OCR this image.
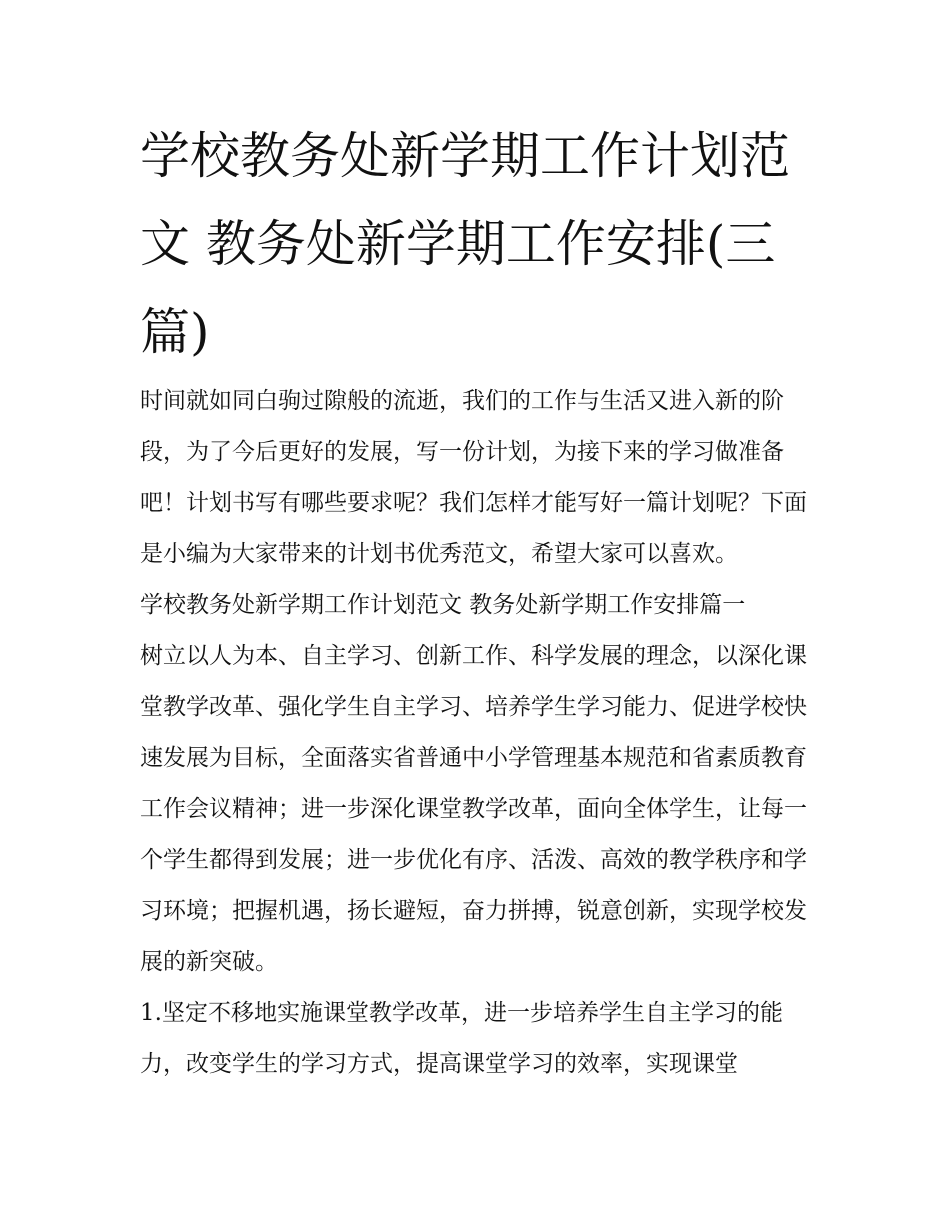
学校教务处新学期工作计划范文 教务处新学期工作安排(三篇)

时间就如同白驹过隙般的流逝，我们的工作与生活又进入新的阶段，为了今后更好的发展，写一份计划，为接下来的学习做准备吧！计划书写有哪些要求呢？我们怎样才能写好一篇计划呢？下面是小编为大家带来的计划书优秀范文，希望大家可以喜欢。

学校教务处新学期工作计划范文 教务处新学期工作安排篇一

树立以人为本、自主学习、创新工作、科学发展的理念，以深化课堂教学改革、强化学生自主学习、培养学生学习能力、促进学校快速发展为目标，全面落实省普通中小学管理基本规范和省素质教育工作会议精神；进一步深化课堂教学改革，面向全体学生，让每一个学生都得到发展；进一步优化有序、活泼、高效的教学秩序和学习环境；把握机遇，扬长避短，奋力拼搏，锐意创新，实现学校发展的新突破。

1.坚定不移地实施课堂教学改革，进一步培养学生自主学习的能力，改变学生的学习方式，提高课堂学习的效率，实现课堂
